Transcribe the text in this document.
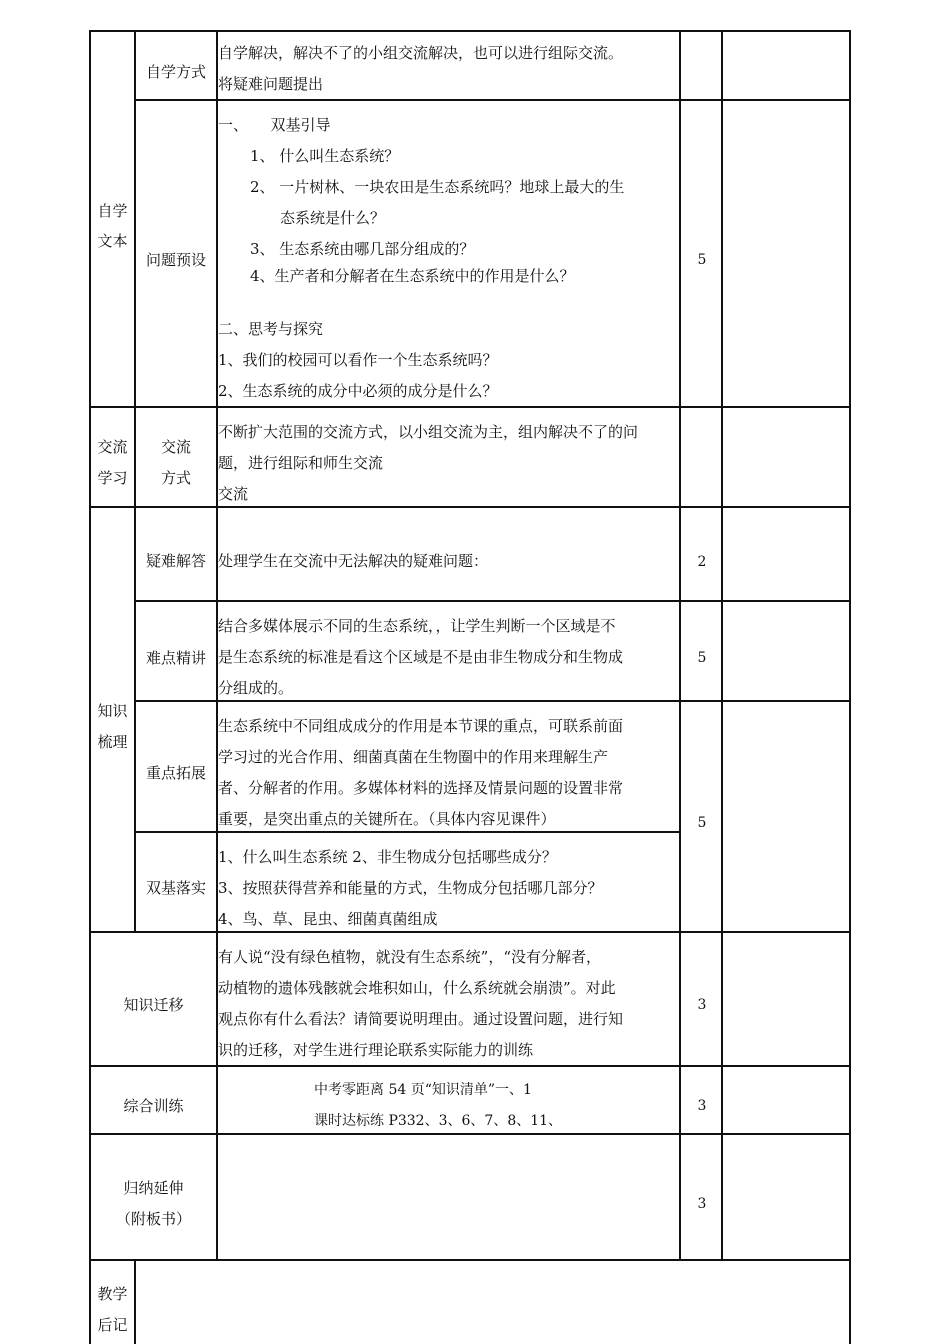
自学文本
自学方式
自学解决，解决不了的小组交流解决，也可以进行组际交流。
将疑难问题提出
问题预设
一、　　双基引导
1、 什么叫生态系统？
2、 一片树林、一块农田是生态系统吗？地球上最大的生
态系统是什么？
3、 生态系统由哪几部分组成的？
4、生产者和分解者在生态系统中的作用是什么？
二、思考与探究
1、我们的校园可以看作一个生态系统吗？
2、生态系统的成分中必须的成分是什么？
5
交流
学习
交流
方式
不断扩大范围的交流方式，以小组交流为主，组内解决不了的问
题，进行组际和师生交流
交流
知识
梳理
疑难解答 处理学生在交流中无法解决的疑难问题：	2
难点精讲
结合多媒体展示不同的生态系统，，让学生判断一个区域是不
是生态系统的标准是看这个区域是不是由非生物成分和生物成
分组成的。
5
重点拓展
生态系统中不同组成成分的作用是本节课的重点，可联系前面
学习过的光合作用、细菌真菌在生物圈中的作用来理解生产
者、分解者的作用。多媒体材料的选择及情景问题的设置非常
重要，是突出重点的关键所在。（具体内容见课件）
双基落实
1、什么叫生态系统 2、非生物成分包括哪些成分？
3、按照获得营养和能量的方式，生物成分包括哪几部分？
4、鸟、草、昆虫、细菌真菌组成
5
知识迁移
有人说“没有绿色植物，就没有生态系统”，“没有分解者，
动植物的遗体残骸就会堆积如山，什么系统就会崩溃”。对此
观点你有什么看法？请简要说明理由。通过设置问题，进行知
识的迁移，对学生进行理论联系实际能力的训练
3
综合训练
中考零距离 54 页“知识清单”一、1
课时达标练 P332、3、6、7、8、11、
3
归纳延伸
（附板书）
3
教学
后记
